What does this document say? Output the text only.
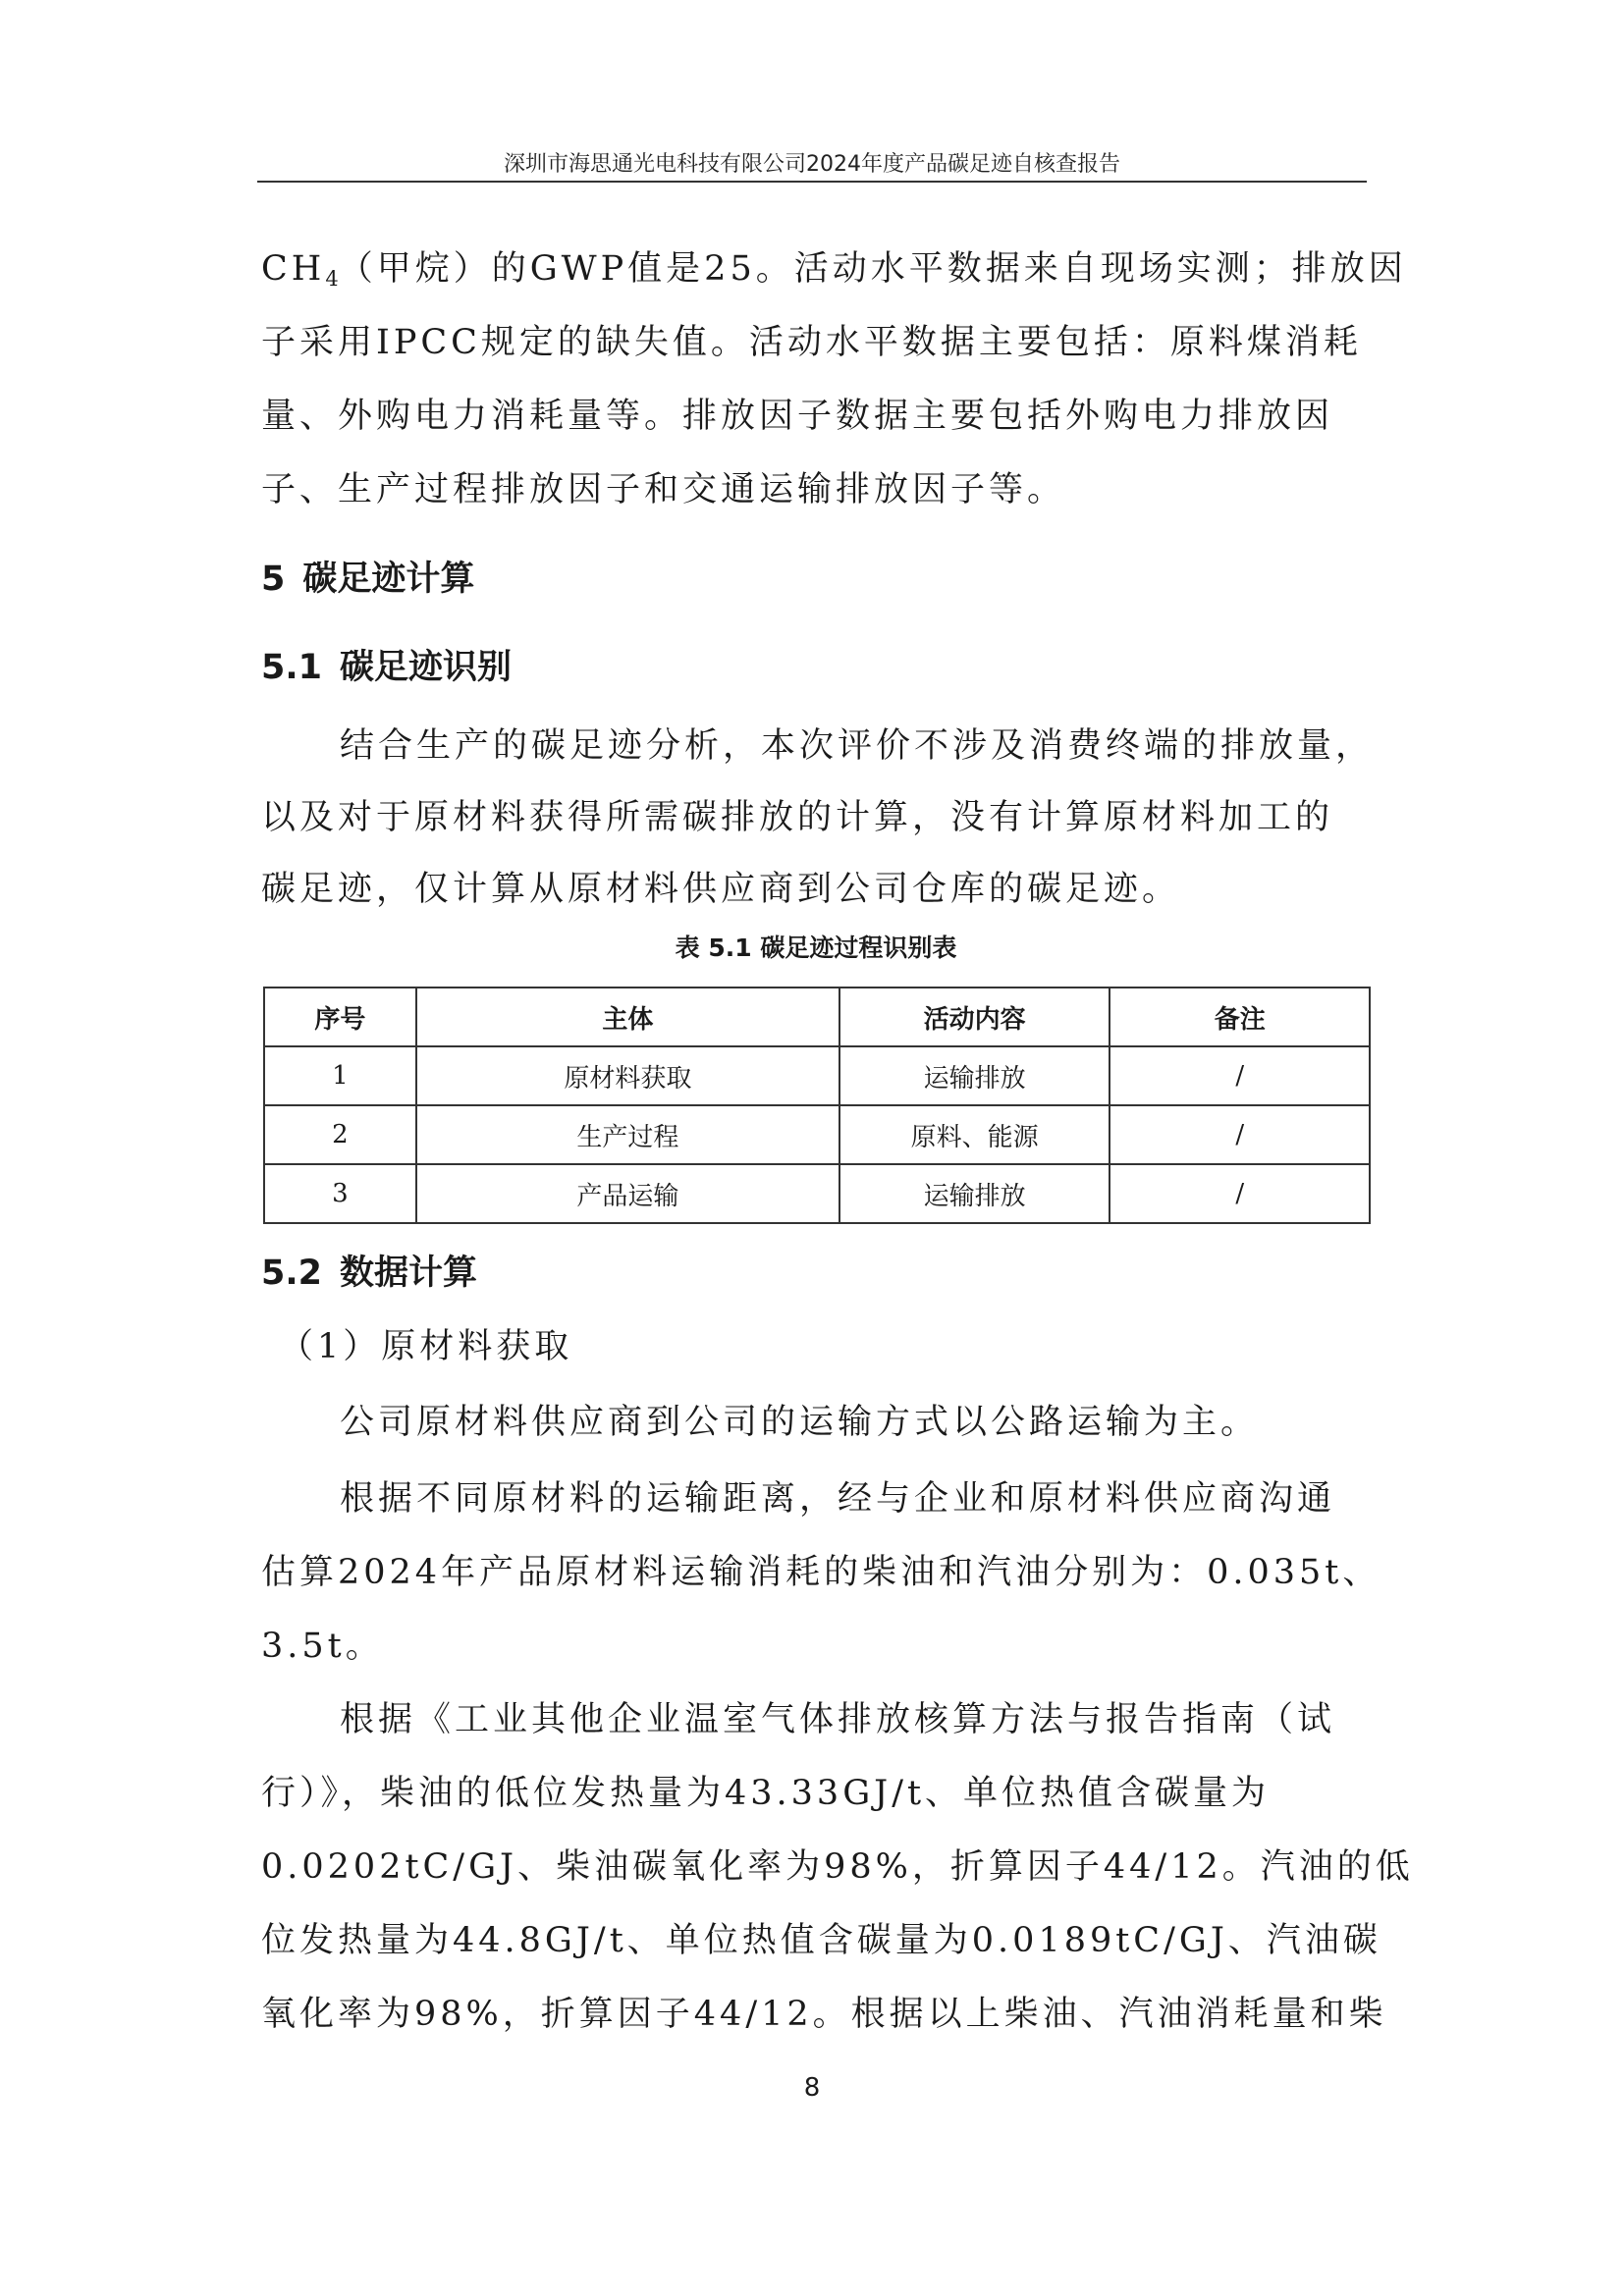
深圳市海思通光电科技有限公司2024年度产品碳足迹自核查报告
$CH_4$（甲烷）的GWP值是25。活动水平数据来自现场实测；排放因
子采用IPCC规定的缺失值。活动水平数据主要包括：原料煤消耗
量、外购电力消耗量等。排放因子数据主要包括外购电力排放因
子、生产过程排放因子和交通运输排放因子等。
5 碳足迹计算
5.1 碳足迹识别
结合生产的碳足迹分析，本次评价不涉及消费终端的排放量，
以及对于原材料获得所需碳排放的计算，没有计算原材料加工的
碳足迹，仅计算从原材料供应商到公司仓库的碳足迹。
表 5.1 碳足迹过程识别表
序号	主体	活动内容	备注
1	原材料获取	运输排放	/
2	生产过程	原料、能源	/
3	产品运输	运输排放	/
5.2 数据计算
（1）原材料获取
公司原材料供应商到公司的运输方式以公路运输为主。
根据不同原材料的运输距离，经与企业和原材料供应商沟通
估算2024年产品原材料运输消耗的柴油和汽油分别为：0.035t、
3.5t。
根据《工业其他企业温室气体排放核算方法与报告指南（试
行）》，柴油的低位发热量为43.33GJ/t、单位热值含碳量为
0.0202tC/GJ、柴油碳氧化率为98%，折算因子44/12。汽油的低
位发热量为44.8GJ/t、单位热值含碳量为0.0189tC/GJ、汽油碳
氧化率为98%，折算因子44/12。根据以上柴油、汽油消耗量和柴
8
